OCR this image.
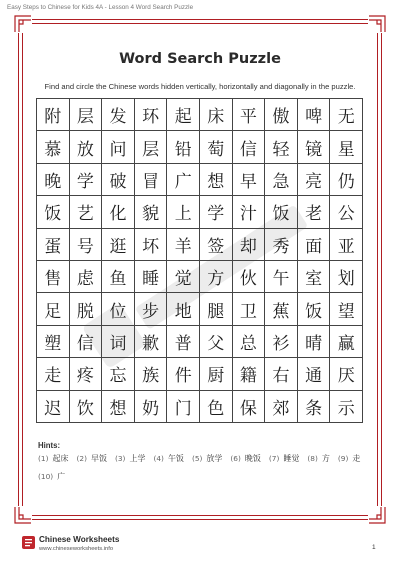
Easy Steps to Chinese for Kids 4A - Lesson 4 Word Search Puzzle
Word Search Puzzle
Find and circle the Chinese words hidden vertically, horizontally and diagonally in the puzzle.
附 层 发 环 起 床 平 傲 啤 无
慕 放 问 层 铅 萄 信 轻 镜 星
晚 学 破 冒 广 想 早 急 亮 仍
饭 艺 化 貌 上 学 汁 饭 老 公
蛋 号 逛 坏 羊 签 却 秀 面 亚
售 虑 鱼 睡 觉 方 伙 午 室 划
足 脱 位 步 地 腿 卫 蕉 饭 望
塑 信 词 歉 普 父 总 衫 晴 赢
走 疼 忘 族 件 厨 籍 右 通 厌
迟 饮 想 奶 门 色 保 郊 条 示
Hints:
(1) 起床 (2) 早饭 (3) 上学 (4) 午饭 (5) 放学 (6) 晚饭 (7) 睡觉 (8) 方 (9) 走
(10) 广
Chinese Worksheets
www.chineseworksheets.info	1
